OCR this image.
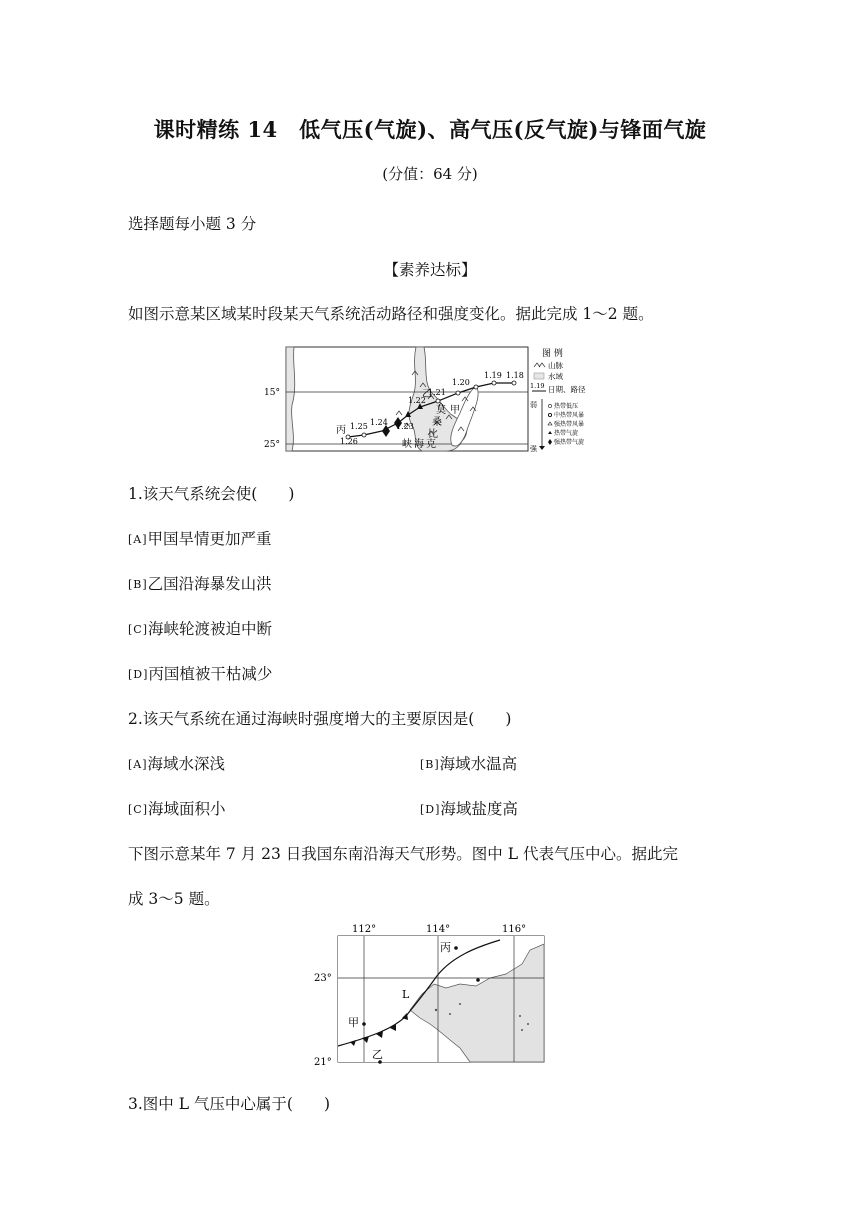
课时精练 14　低气压(气旋)、高气压(反气旋)与锋面气旋
(分值：64 分)
选择题每小题 3 分
【素养达标】
如图示意某区域某时段某天气系统活动路径和强度变化。据此完成 1～2 题。
15°
25°
1.18
1.19
1.20
1.21
1.22
1.23
1.24
1.25
1.26
丙
乙
甲
莫
桑
比
克
峡 海
图 例
山脉
水域
1.19 日期、路径
弱
强
热带低压
中热带风暴
强热带风暴
热带气旋
强热带气旋
1.该天气系统会使(　　)
[A]甲国旱情更加严重
[B]乙国沿海暴发山洪
[C]海峡轮渡被迫中断
[D]丙国植被干枯减少
2.该天气系统在通过海峡时强度增大的主要原因是(　　)
[A]海域水深浅	[B]海域水温高
[C]海域面积小	[D]海域盐度高
下图示意某年 7 月 23 日我国东南沿海天气形势。图中 L 代表气压中心。据此完
成 3～5 题。
112°	114°	116°
23°
21°
丙
甲
乙
L
3.图中 L 气压中心属于(　　)
